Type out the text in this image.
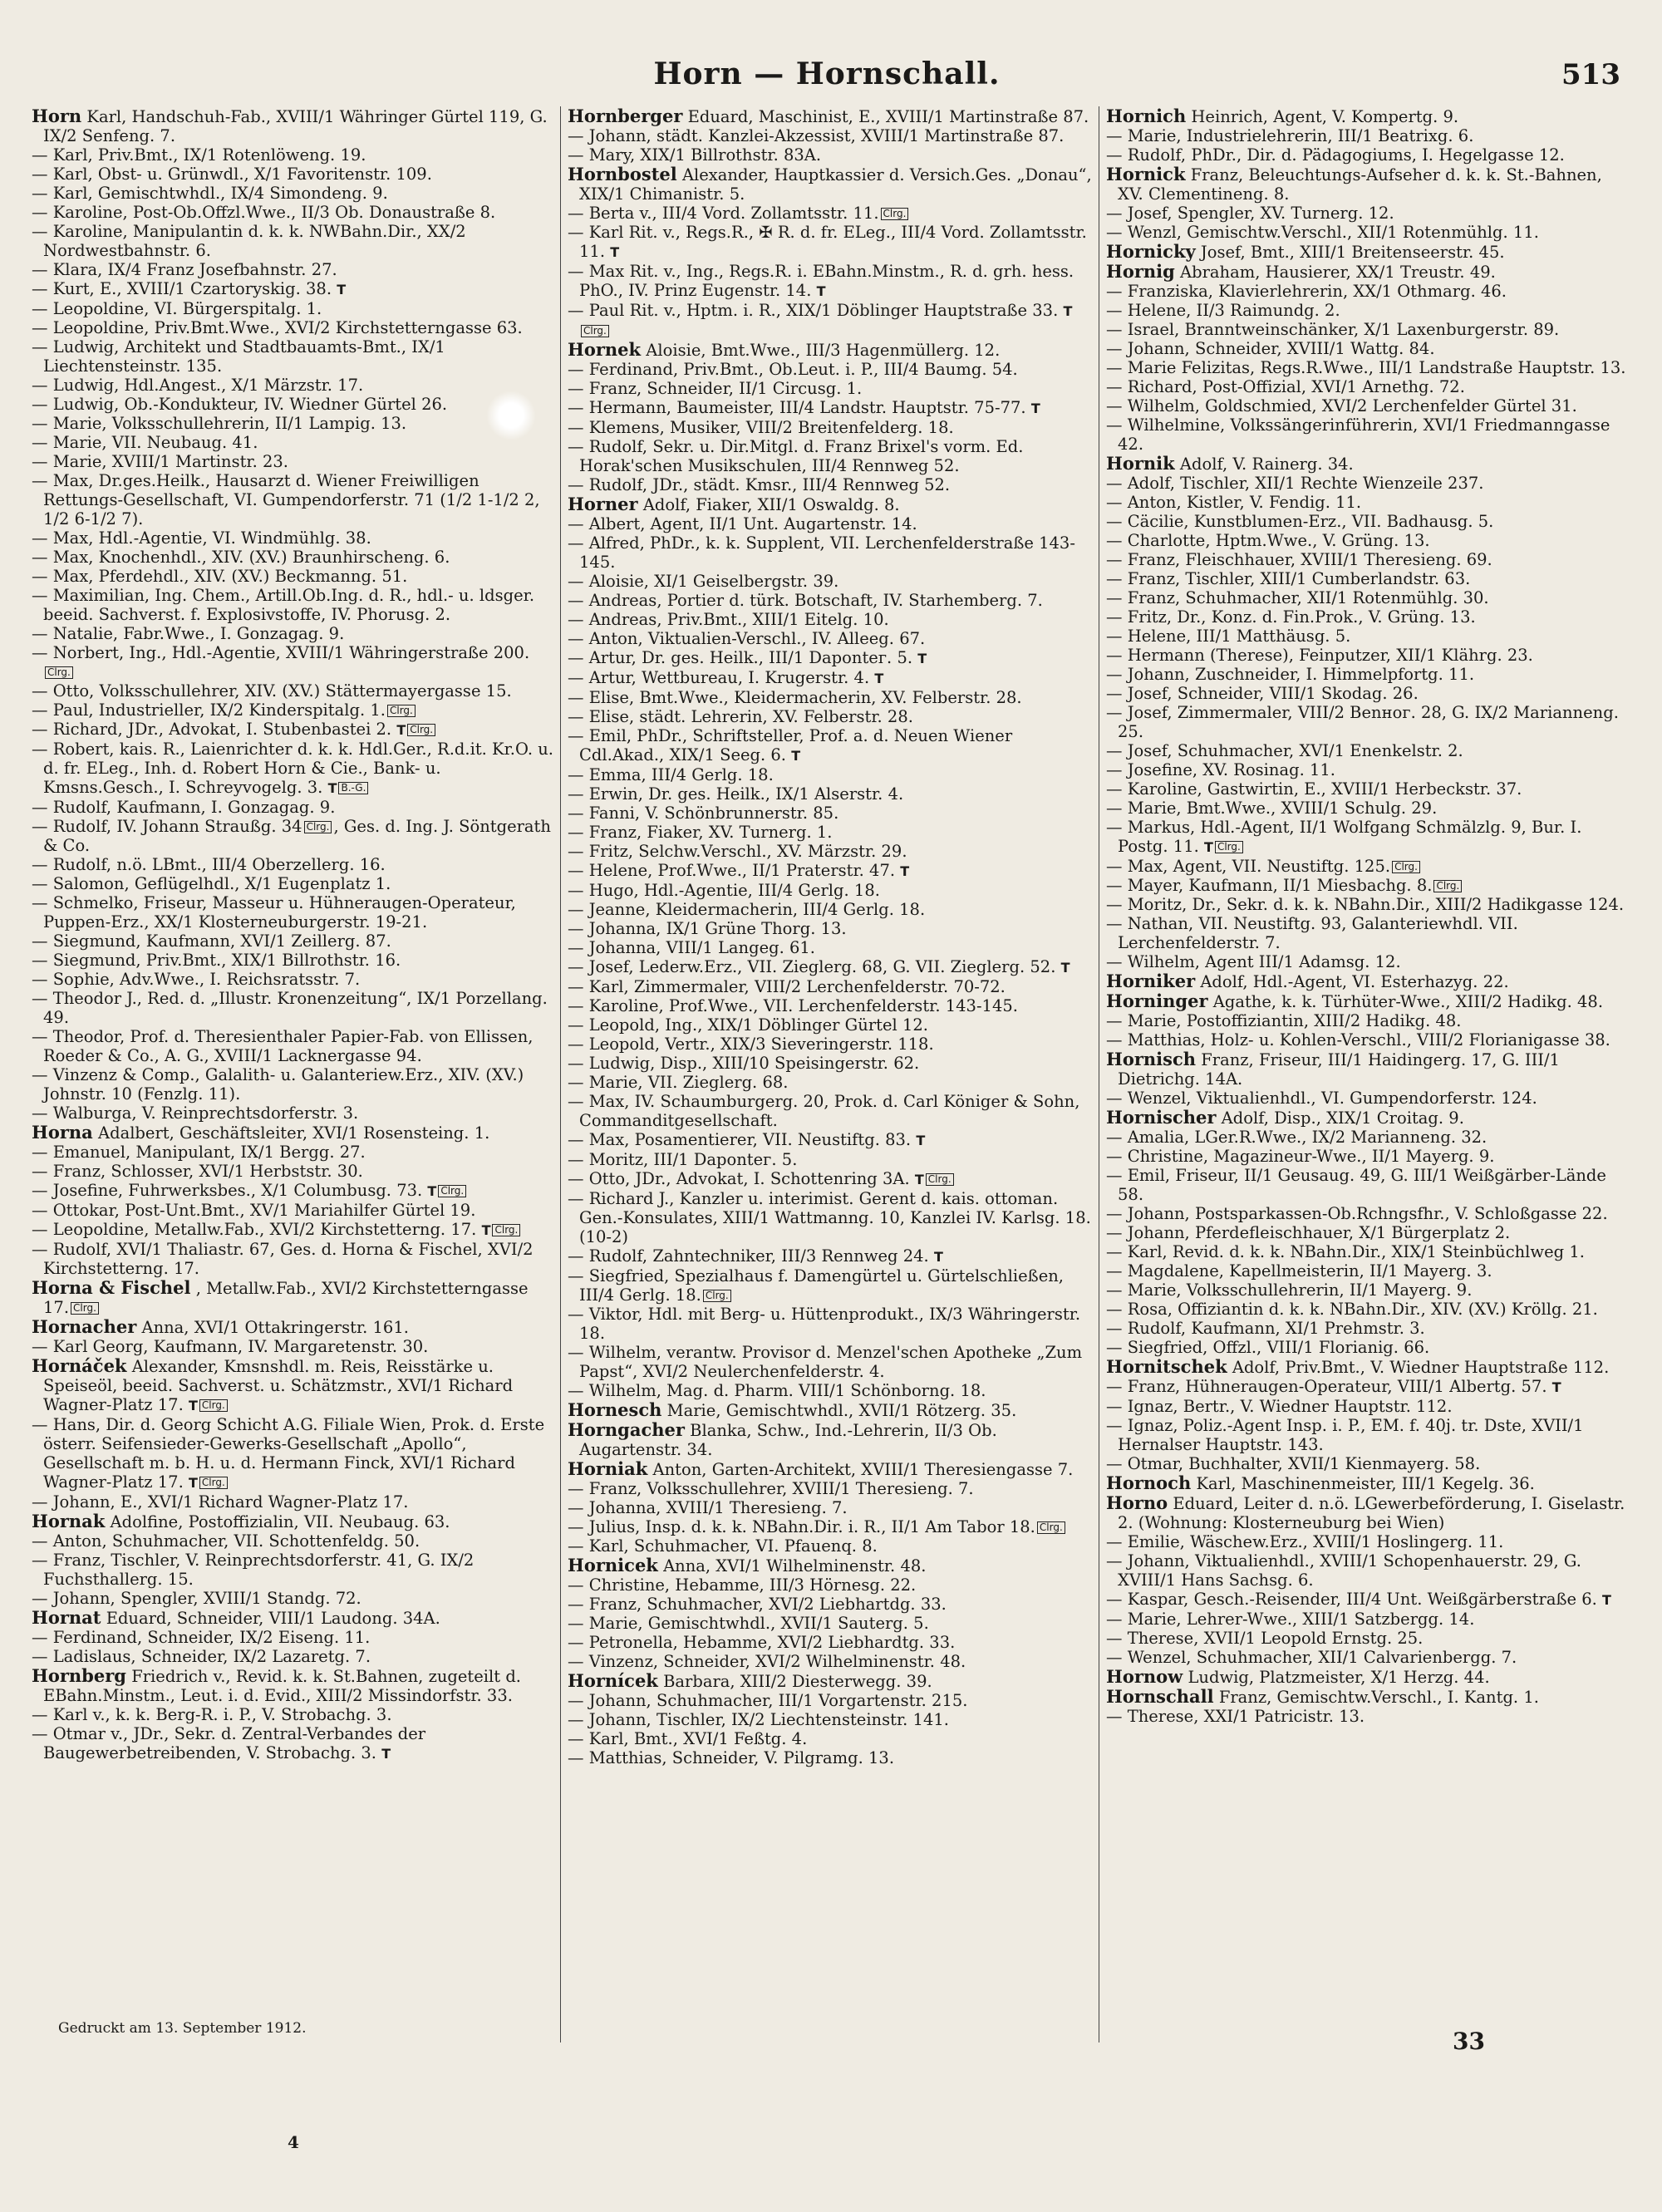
Horn — Hornschall.	513

Horn Karl, Handschuh-Fab., XVIII/1 Währinger Gürtel 119, G. IX/2 Senfeng. 7.

— Karl, Priv.Bmt., IX/1 Rotenlöweng. 19.

— Karl, Obst- u. Grünwdl., X/1 Favoritenstr. 109.

— Karl, Gemischtwhdl., IX/4 Simondeng. 9.

— Karoline, Post-Ob.Offzl.Wwe., II/3 Ob. Donaustraße 8.

— Karoline, Manipulantin d. k. k. NWBahn.Dir., XX/2 Nordwestbahnstr. 6.

— Klara, IX/4 Franz Josefbahnstr. 27.

— Kurt, E., XVIII/1 Czartoryskig. 38. T

— Leopoldine, VI. Bürgerspitalg. 1.

— Leopoldine, Priv.Bmt.Wwe., XVI/2 Kirchstetterngasse 63.

— Ludwig, Architekt und Stadtbauamts-Bmt., IX/1 Liechtensteinstr. 135.

— Ludwig, Hdl.Angest., X/1 Märzstr. 17.

— Ludwig, Ob.-Kondukteur, IV. Wiedner Gürtel 26.

— Marie, Volksschullehrerin, II/1 Lampig. 13.

— Marie, VII. Neubaug. 41.

— Marie, XVIII/1 Martinstr. 23.

— Max, Dr.ges.Heilk., Hausarzt d. Wiener Freiwilligen Rettungs-Gesellschaft, VI. Gumpendorferstr. 71 (1/2 1-1/2 2, 1/2 6-1/2 7).

— Max, Hdl.-Agentie, VI. Windmühlg. 38.

— Max, Knochenhdl., XIV. (XV.) Braunhirscheng. 6.

— Max, Pferdehdl., XIV. (XV.) Beckmanng. 51.

— Maximilian, Ing. Chem., Artill.Ob.Ing. d. R., hdl.- u. ldsger. beeid. Sachverst. f. Explosivstoffe, IV. Phorusg. 2.

— Natalie, Fabr.Wwe., I. Gonzagag. 9.

— Norbert, Ing., Hdl.-Agentie, XVIII/1 Währingerstraße 200.Clrg.

— Otto, Volksschullehrer, XIV. (XV.) Stättermayergasse 15.

— Paul, Industrieller, IX/2 Kinderspitalg. 1. Clrg.

— Richard, JDr., Advokat, I. Stubenbastei 2. T Clrg.

— Robert, kais. R., Laienrichter d. k. k. Hdl.Ger., R.d.it. Kr.O. u. d. fr. ELeg., Inh. d. Robert Horn & Cie., Bank- u. Kmsns.Gesch., I. Schreyvogelg. 3. T B.-G.

— Rudolf, Kaufmann, I. Gonzagag. 9.

— Rudolf, IV. Johann Straußg. 34 Clrg. , Ges. d. Ing. J. Söntgerath & Co.

— Rudolf, n.ö. LBmt., III/4 Oberzellerg. 16.

— Salomon, Geflügelhdl., X/1 Eugenplatz 1.

— Schmelko, Friseur, Masseur u. Hühneraugen-Operateur, Puppen-Erz., XX/1 Klosterneuburgerstr. 19-21.

— Siegmund, Kaufmann, XVI/1 Zeillerg. 87.

— Siegmund, Priv.Bmt., XIX/1 Billrothstr. 16.

— Sophie, Adv.Wwe., I. Reichsratsstr. 7.

— Theodor J., Red. d. „Illustr. Kronenzeitung“, IX/1 Porzellang. 49.

— Theodor, Prof. d. Theresienthaler Papier-Fab. von Ellissen, Roeder & Co., A. G., XVIII/1 Lacknergasse 94.

— Vinzenz & Comp., Galalith- u. Galanteriew.Erz., XIV. (XV.) Johnstr. 10 (Fenzlg. 11).

— Walburga, V. Reinprechtsdorferstr. 3.

Horna Adalbert, Geschäftsleiter, XVI/1 Rosensteing. 1.

— Emanuel, Manipulant, IX/1 Bergg. 27.

— Franz, Schlosser, XVI/1 Herbststr. 30.

— Josefine, Fuhrwerksbes., X/1 Columbusg. 73. T Clrg.

— Ottokar, Post-Unt.Bmt., XV/1 Mariahilfer Gürtel 19.

— Leopoldine, Metallw.Fab., XVI/2 Kirchstetterng. 17. T Clrg.

— Rudolf, XVI/1 Thaliastr. 67, Ges. d. Horna & Fischel, XVI/2 Kirchstetterng. 17.

Horna & Fischel , Metallw.Fab., XVI/2 Kirchstetterngasse 17. Clrg.

Hornacher Anna, XVI/1 Ottakringerstr. 161.

— Karl Georg, Kaufmann, IV. Margaretenstr. 30.

Hornáček Alexander, Kmsnshdl. m. Reis, Reisstärke u. Speiseöl, beeid. Sachverst. u. Schätzmstr., XVI/1 Richard Wagner-Platz 17. T Clrg.

— Hans, Dir. d. Georg Schicht A.G. Filiale Wien, Prok. d. Erste österr. Seifensieder-Gewerks-Gesellschaft „Apollo“, Gesellschaft m. b. H. u. d. Hermann Finck, XVI/1 Richard Wagner-Platz 17. T Clrg.

— Johann, E., XVI/1 Richard Wagner-Platz 17.

Hornak Adolfine, Postoffizialin, VII. Neubaug. 63.

— Anton, Schuhmacher, VII. Schottenfeldg. 50.

— Franz, Tischler, V. Reinprechtsdorferstr. 41, G. IX/2 Fuchsthallerg. 15.

— Johann, Spengler, XVIII/1 Standg. 72.

Hornat Eduard, Schneider, VIII/1 Laudong. 34A.

— Ferdinand, Schneider, IX/2 Eiseng. 11.

— Ladislaus, Schneider, IX/2 Lazaretg. 7.

Hornberg Friedrich v., Revid. k. k. St.Bahnen, zugeteilt d. EBahn.Minstm., Leut. i. d. Evid., XIII/2 Missindorfstr. 33.

— Karl v., k. k. Berg-R. i. P., V. Strobachg. 3.

— Otmar v., JDr., Sekr. d. Zentral-Verbandes der Baugewerbetreibenden, V. Strobachg. 3. T

Hornberger Eduard, Maschinist, E., XVIII/1 Martinstraße 87.

— Johann, städt. Kanzlei-Akzessist, XVIII/1 Martinstraße 87.

— Mary, XIX/1 Billrothstr. 83A.

Hornbostel Alexander, Hauptkassier d. Versich.Ges. „Donau“, XIX/1 Chimanistr. 5.

— Berta v., III/4 Vord. Zollamtsstr. 11. Clrg.

— Karl Rit. v., Regs.R., ✠ R. d. fr. ELeg., III/4 Vord. Zollamtsstr. 11. T

— Max Rit. v., Ing., Regs.R. i. EBahn.Minstm., R. d. grh. hess. PhO., IV. Prinz Eugenstr. 14. T

— Paul Rit. v., Hptm. i. R., XIX/1 Döblinger Hauptstraße 33. TClrg.

Hornek Aloisie, Bmt.Wwe., III/3 Hagenmüllerg. 12.

— Ferdinand, Priv.Bmt., Ob.Leut. i. P., III/4 Baumg. 54.

— Franz, Schneider, II/1 Circusg. 1.

— Hermann, Baumeister, III/4 Landstr. Hauptstr. 75-77. T

— Klemens, Musiker, VIII/2 Breitenfelderg. 18.

— Rudolf, Sekr. u. Dir.Mitgl. d. Franz Brixel's vorm. Ed. Horak'schen Musikschulen, III/4 Rennweg 52.

— Rudolf, JDr., städt. Kmsr., III/4 Rennweg 52.

Horner Adolf, Fiaker, XII/1 Oswaldg. 8.

— Albert, Agent, II/1 Unt. Augartenstr. 14.

— Alfred, PhDr., k. k. Supplent, VII. Lerchenfelderstraße 143-145.

— Aloisie, XI/1 Geiselbergstr. 39.

— Andreas, Portier d. türk. Botschaft, IV. Starhemberg. 7.

— Andreas, Priv.Bmt., XIII/1 Eitelg. 10.

— Anton, Viktualien-Verschl., IV. Alleeg. 67.

— Artur, Dr. ges. Heilk., III/1 Dapontег. 5. T

— Artur, Wettbureau, I. Krugerstr. 4. T

— Elise, Bmt.Wwe., Kleidermacherin, XV. Felberstr. 28.

— Elise, städt. Lehrerin, XV. Felberstr. 28.

— Emil, PhDr., Schriftsteller, Prof. a. d. Neuen Wiener Cdl.Akad., XIX/1 Seeg. 6. T

— Emma, III/4 Gerlg. 18.

— Erwin, Dr. ges. Heilk., IX/1 Alserstr. 4.

— Fanni, V. Schönbrunnerstr. 85.

— Franz, Fiaker, XV. Turnerg. 1.

— Fritz, Selchw.Verschl., XV. Märzstr. 29.

— Helene, Prof.Wwe., II/1 Praterstr. 47. T

— Hugo, Hdl.-Agentie, III/4 Gerlg. 18.

— Jeanne, Kleidermacherin, III/4 Gerlg. 18.

— Johanna, IX/1 Grüne Thorg. 13.

— Johanna, VIII/1 Langeg. 61.

— Josef, Lederw.Erz., VII. Zieglerg. 68, G. VII. Zieglerg. 52. T

— Karl, Zimmermaler, VIII/2 Lerchenfelderstr. 70-72.

— Karoline, Prof.Wwe., VII. Lerchenfelderstr. 143-145.

— Leopold, Ing., XIX/1 Döblinger Gürtel 12.

— Leopold, Vertr., XIX/3 Sieveringerstr. 118.

— Ludwig, Disp., XIII/10 Speisingerstr. 62.

— Marie, VII. Zieglerg. 68.

— Max, IV. Schaumburgerg. 20, Prok. d. Carl Königer & Sohn, Commanditgesellschaft.

— Max, Posamentierer, VII. Neustiftg. 83. T

— Moritz, III/1 Dapontег. 5.

— Otto, JDr., Advokat, I. Schottenring 3A. T Clrg.

— Richard J., Kanzler u. interimist. Gerent d. kais. ottoman. Gen.-Konsulates, XIII/1 Wattmanng. 10, Kanzlei IV. Karlsg. 18. (10-2)

— Rudolf, Zahntechniker, III/3 Rennweg 24. T

— Siegfried, Spezialhaus f. Damengürtel u. Gürtelschließen, III/4 Gerlg. 18. Clrg.

— Viktor, Hdl. mit Berg- u. Hüttenprodukt., IX/3 Währingerstr. 18.

— Wilhelm, verantw. Provisor d. Menzel'schen Apotheke „Zum Papst“, XVI/2 Neulerchenfelderstr. 4.

— Wilhelm, Mag. d. Pharm. VIII/1 Schönborng. 18.

Hornesch Marie, Gemischtwhdl., XVII/1 Rötzerg. 35.

Horngacher Blanka, Schw., Ind.-Lehrerin, II/3 Ob. Augartenstr. 34.

Horniak Anton, Garten-Architekt, XVIII/1 Theresiengasse 7.

— Franz, Volksschullehrer, XVIII/1 Theresieng. 7.

— Johanna, XVIII/1 Theresieng. 7.

— Julius, Insp. d. k. k. NBahn.Dir. i. R., II/1 Am Tabor 18. Clrg.

— Karl, Schuhmacher, VI. Pfauenq. 8.

Hornicek Anna, XVI/1 Wilhelminenstr. 48.

— Christine, Hebamme, III/3 Hörnesg. 22.

— Franz, Schuhmacher, XVI/2 Liebhartdg. 33.

— Marie, Gemischtwhdl., XVII/1 Sauterg. 5.

— Petronella, Hebamme, XVI/2 Liebhardtg. 33.

— Vinzenz, Schneider, XVI/2 Wilhelminenstr. 48.

Hornícek Barbara, XIII/2 Diesterwegg. 39.

— Johann, Schuhmacher, III/1 Vorgartenstr. 215.

— Johann, Tischler, IX/2 Liechtensteinstr. 141.

— Karl, Bmt., XVI/1 Feßtg. 4.

— Matthias, Schneider, V. Pilgramg. 13.

Hornich Heinrich, Agent, V. Kompertg. 9.

— Marie, Industrielehrerin, III/1 Beatrixg. 6.

— Rudolf, PhDr., Dir. d. Pädagogiums, I. Hegelgasse 12.

Hornick Franz, Beleuchtungs-Aufseher d. k. k. St.-Bahnen, XV. Clementineng. 8.

— Josef, Spengler, XV. Turnerg. 12.

— Wenzl, Gemischtw.Verschl., XII/1 Rotenmühlg. 11.

Hornicky Josef, Bmt., XIII/1 Breitenseerstr. 45.

Hornig Abraham, Hausierer, XX/1 Treustr. 49.

— Franziska, Klavierlehrerin, XX/1 Othmarg. 46.

— Helene, II/3 Raimundg. 2.

— Israel, Branntweinschänker, X/1 Laxenburgerstr. 89.

— Johann, Schneider, XVIII/1 Wattg. 84.

— Marie Felizitas, Regs.R.Wwe., III/1 Landstraße Hauptstr. 13.

— Richard, Post-Offizial, XVI/1 Arnethg. 72.

— Wilhelm, Goldschmied, XVI/2 Lerchenfelder Gürtel 31.

— Wilhelmine, Volkssängerinführerin, XVI/1 Friedmanngasse 42.

Hornik Adolf, V. Rainerg. 34.

— Adolf, Tischler, XII/1 Rechte Wienzeile 237.

— Anton, Kistler, V. Fendig. 11.

— Cäcilie, Kunstblumen-Erz., VII. Badhausg. 5.

— Charlotte, Hptm.Wwe., V. Grüng. 13.

— Franz, Fleischhauer, XVIII/1 Theresieng. 69.

— Franz, Tischler, XIII/1 Cumberlandstr. 63.

— Franz, Schuhmacher, XII/1 Rotenmühlg. 30.

— Fritz, Dr., Konz. d. Fin.Prok., V. Grüng. 13.

— Helene, III/1 Matthäusg. 5.

— Hermann (Therese), Feinputzer, XII/1 Klährg. 23.

— Johann, Zuschneider, I. Himmelpfortg. 11.

— Josef, Schneider, VIII/1 Skodag. 26.

— Josef, Zimmermaler, VIII/2 Benног. 28, G. IX/2 Marianneng. 25.

— Josef, Schuhmacher, XVI/1 Enenkelstr. 2.

— Josefine, XV. Rosinag. 11.

— Karoline, Gastwirtin, E., XVIII/1 Herbeckstr. 37.

— Marie, Bmt.Wwe., XVIII/1 Schulg. 29.

— Markus, Hdl.-Agent, II/1 Wolfgang Schmälzlg. 9, Bur. I. Postg. 11. T Clrg.

— Max, Agent, VII. Neustiftg. 125. Clrg.

— Mayer, Kaufmann, II/1 Miesbachg. 8. Clrg.

— Moritz, Dr., Sekr. d. k. k. NBahn.Dir., XIII/2 Hadikgasse 124.

— Nathan, VII. Neustiftg. 93, Galanteriewhdl. VII. Lerchenfelderstr. 7.

— Wilhelm, Agent III/1 Adamsg. 12.

Horniker Adolf, Hdl.-Agent, VI. Esterhazyg. 22.

Horninger Agathe, k. k. Türhüter-Wwe., XIII/2 Hadikg. 48.

— Marie, Postoffiziantin, XIII/2 Hadikg. 48.

— Matthias, Holz- u. Kohlen-Verschl., VIII/2 Florianigasse 38.

Hornisch Franz, Friseur, III/1 Haidingerg. 17, G. III/1 Dietrichg. 14A.

— Wenzel, Viktualienhdl., VI. Gumpendorferstr. 124.

Hornischer Adolf, Disp., XIX/1 Croitag. 9.

— Amalia, LGer.R.Wwe., IX/2 Marianneng. 32.

— Christine, Magazineur-Wwe., II/1 Mayerg. 9.

— Emil, Friseur, II/1 Geusaug. 49, G. III/1 Weißgärber-Lände 58.

— Johann, Postsparkassen-Ob.Rchngsfhr., V. Schloßgasse 22.

— Johann, Pferdefleischhauer, X/1 Bürgerplatz 2.

— Karl, Revid. d. k. k. NBahn.Dir., XIX/1 Steinbüchlweg 1.

— Magdalene, Kapellmeisterin, II/1 Mayerg. 3.

— Marie, Volksschullehrerin, II/1 Mayerg. 9.

— Rosa, Offiziantin d. k. k. NBahn.Dir., XIV. (XV.) Kröllg. 21.

— Rudolf, Kaufmann, XI/1 Prehmstr. 3.

— Siegfried, Offzl., VIII/1 Florianig. 66.

Hornitschek Adolf, Priv.Bmt., V. Wiedner Hauptstraße 112.

— Franz, Hühneraugen-Operateur, VIII/1 Albertg. 57. T

— Ignaz, Bertr., V. Wiedner Hauptstr. 112.

— Ignaz, Poliz.-Agent Insp. i. P., EM. f. 40j. tr. Dste, XVII/1 Hernalser Hauptstr. 143.

— Otmar, Buchhalter, XVII/1 Kienmayerg. 58.

Hornoch Karl, Maschinenmeister, III/1 Kegelg. 36.

Horno Eduard, Leiter d. n.ö. LGewerbeförderung, I. Giselastr. 2. (Wohnung: Klosterneuburg bei Wien)

— Emilie, Wäschew.Erz., XVIII/1 Hoslingerg. 11.

— Johann, Viktualienhdl., XVIII/1 Schopenhauerstr. 29, G. XVIII/1 Hans Sachsg. 6.

— Kaspar, Gesch.-Reisender, III/4 Unt. Weißgärberstraße 6. T

— Marie, Lehrer-Wwe., XIII/1 Satzbergg. 14.

— Therese, XVII/1 Leopold Ernstg. 25.

— Wenzel, Schuhmacher, XII/1 Calvarienbergg. 7.

Hornow Ludwig, Platzmeister, X/1 Herzg. 44.

Hornschall Franz, Gemischtw.Verschl., I. Kantg. 1.

— Therese, XXI/1 Patricistr. 13.

Gedruckt am 13. September 1912.	33
4
